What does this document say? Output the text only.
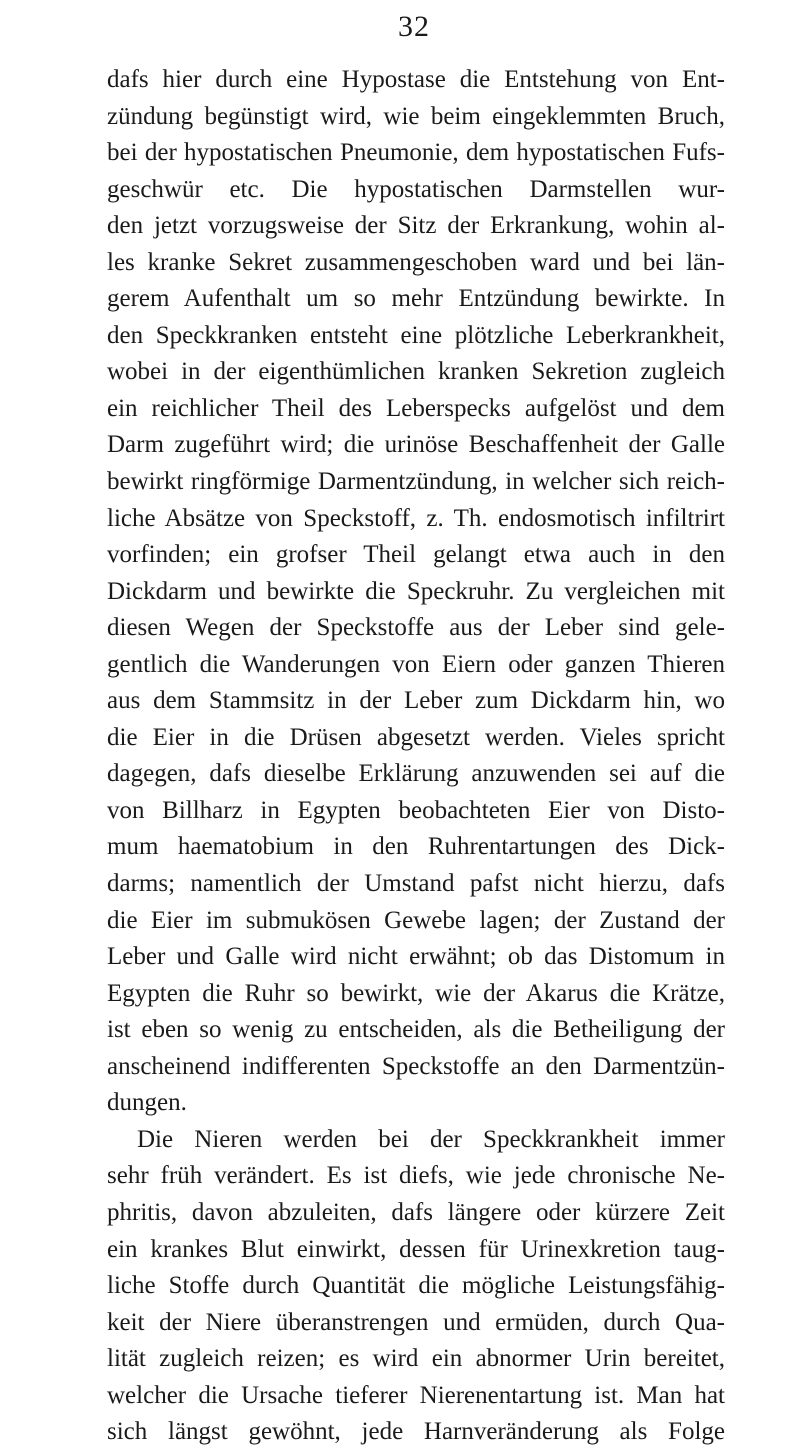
32
dafs hier durch eine Hypostase die Entstehung von Ent-
zündung begünstigt wird, wie beim eingeklemmten Bruch,
bei der hypostatischen Pneumonie, dem hypostatischen Fufs-
geschwür etc. Die hypostatischen Darmstellen wur-
den jetzt vorzugsweise der Sitz der Erkrankung, wohin al-
les kranke Sekret zusammengeschoben ward und bei län-
gerem Aufenthalt um so mehr Entzündung bewirkte. In
den Speckkranken entsteht eine plötzliche Leberkrankheit,
wobei in der eigenthümlichen kranken Sekretion zugleich
ein reichlicher Theil des Leberspecks aufgelöst und dem
Darm zugeführt wird; die urinöse Beschaffenheit der Galle
bewirkt ringförmige Darmentzündung, in welcher sich reich-
liche Absätze von Speckstoff, z. Th. endosmotisch infiltrirt
vorfinden; ein grofser Theil gelangt etwa auch in den
Dickdarm und bewirkte die Speckruhr. Zu vergleichen mit
diesen Wegen der Speckstoffe aus der Leber sind gele-
gentlich die Wanderungen von Eiern oder ganzen Thieren
aus dem Stammsitz in der Leber zum Dickdarm hin, wo
die Eier in die Drüsen abgesetzt werden. Vieles spricht
dagegen, dafs dieselbe Erklärung anzuwenden sei auf die
von Billharz in Egypten beobachteten Eier von Disto-
mum haematobium in den Ruhrentartungen des Dick-
darms; namentlich der Umstand pafst nicht hierzu, dafs
die Eier im submukösen Gewebe lagen; der Zustand der
Leber und Galle wird nicht erwähnt; ob das Distomum in
Egypten die Ruhr so bewirkt, wie der Akarus die Krätze,
ist eben so wenig zu entscheiden, als die Betheiligung der
anscheinend indifferenten Speckstoffe an den Darmentzün-
dungen.
Die Nieren werden bei der Speckkrankheit immer
sehr früh verändert. Es ist diefs, wie jede chronische Ne-
phritis, davon abzuleiten, dafs längere oder kürzere Zeit
ein krankes Blut einwirkt, dessen für Urinexkretion taug-
liche Stoffe durch Quantität die mögliche Leistungsfähig-
keit der Niere überanstrengen und ermüden, durch Qua-
lität zugleich reizen; es wird ein abnormer Urin bereitet,
welcher die Ursache tieferer Nierenentartung ist. Man hat
sich längst gewöhnt, jede Harnveränderung als Folge
